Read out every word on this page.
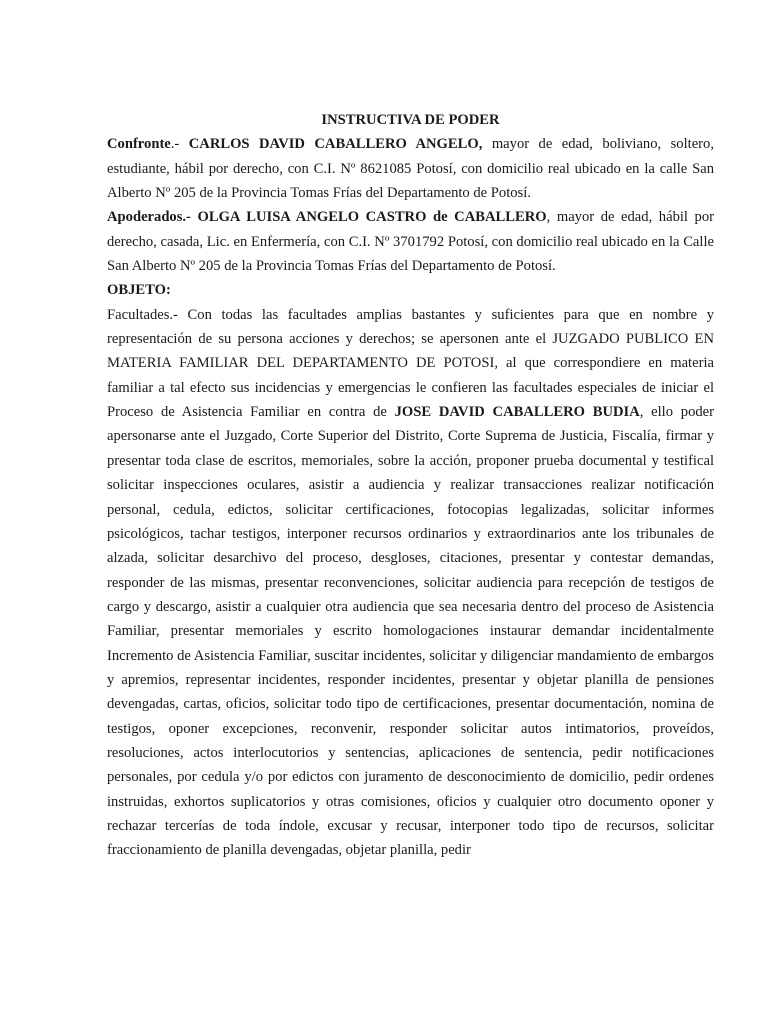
INSTRUCTIVA DE PODER

Confronte.- CARLOS DAVID CABALLERO ANGELO, mayor de edad, boliviano, soltero, estudiante, hábil por derecho, con C.I. Nº 8621085 Potosí, con domicilio real ubicado en la calle San Alberto Nº 205 de la Provincia Tomas Frías del Departamento de Potosí.

Apoderados.- OLGA LUISA ANGELO CASTRO de CABALLERO, mayor de edad, hábil por derecho, casada, Lic. en Enfermería, con C.I. Nº 3701792 Potosí, con domicilio real ubicado en la Calle San Alberto Nº 205 de la Provincia Tomas Frías del Departamento de Potosí.

OBJETO:

Facultades.- Con todas las facultades amplias bastantes y suficientes para que en nombre y representación de su persona acciones y derechos; se apersonen ante el JUZGADO PUBLICO EN MATERIA FAMILIAR DEL DEPARTAMENTO DE POTOSI, al que correspondiere en materia familiar a tal efecto sus incidencias y emergencias le confieren las facultades especiales de iniciar el Proceso de Asistencia Familiar en contra de JOSE DAVID CABALLERO BUDIA, ello poder apersonarse ante el Juzgado, Corte Superior del Distrito, Corte Suprema de Justicia, Fiscalía, firmar y presentar toda clase de escritos, memoriales, sobre la acción, proponer prueba documental y testifical solicitar inspecciones oculares, asistir a audiencia y realizar transacciones realizar notificación personal, cedula, edictos, solicitar certificaciones, fotocopias legalizadas, solicitar informes psicológicos, tachar testigos, interponer recursos ordinarios y extraordinarios ante los tribunales de alzada, solicitar desarchivo del proceso, desgloses, citaciones, presentar y contestar demandas, responder de las mismas, presentar reconvenciones, solicitar audiencia para recepción de testigos de cargo y descargo, asistir a cualquier otra audiencia que sea necesaria dentro del proceso de Asistencia Familiar, presentar memoriales y escrito homologaciones instaurar demandar incidentalmente Incremento de Asistencia Familiar, suscitar incidentes, solicitar y diligenciar mandamiento de embargos y apremios, representar incidentes, responder incidentes, presentar y objetar planilla de pensiones devengadas, cartas, oficios, solicitar todo tipo de certificaciones, presentar documentación, nomina de testigos, oponer excepciones, reconvenir, responder solicitar autos intimatorios, proveídos, resoluciones, actos interlocutorios y sentencias, aplicaciones de sentencia, pedir notificaciones personales, por cedula y/o por edictos con juramento de desconocimiento de domicilio, pedir ordenes instruidas, exhortos suplicatorios y otras comisiones, oficios y cualquier otro documento oponer y rechazar tercerías de toda índole, excusar y recusar, interponer todo tipo de recursos, solicitar fraccionamiento de planilla devengadas, objetar planilla, pedir
